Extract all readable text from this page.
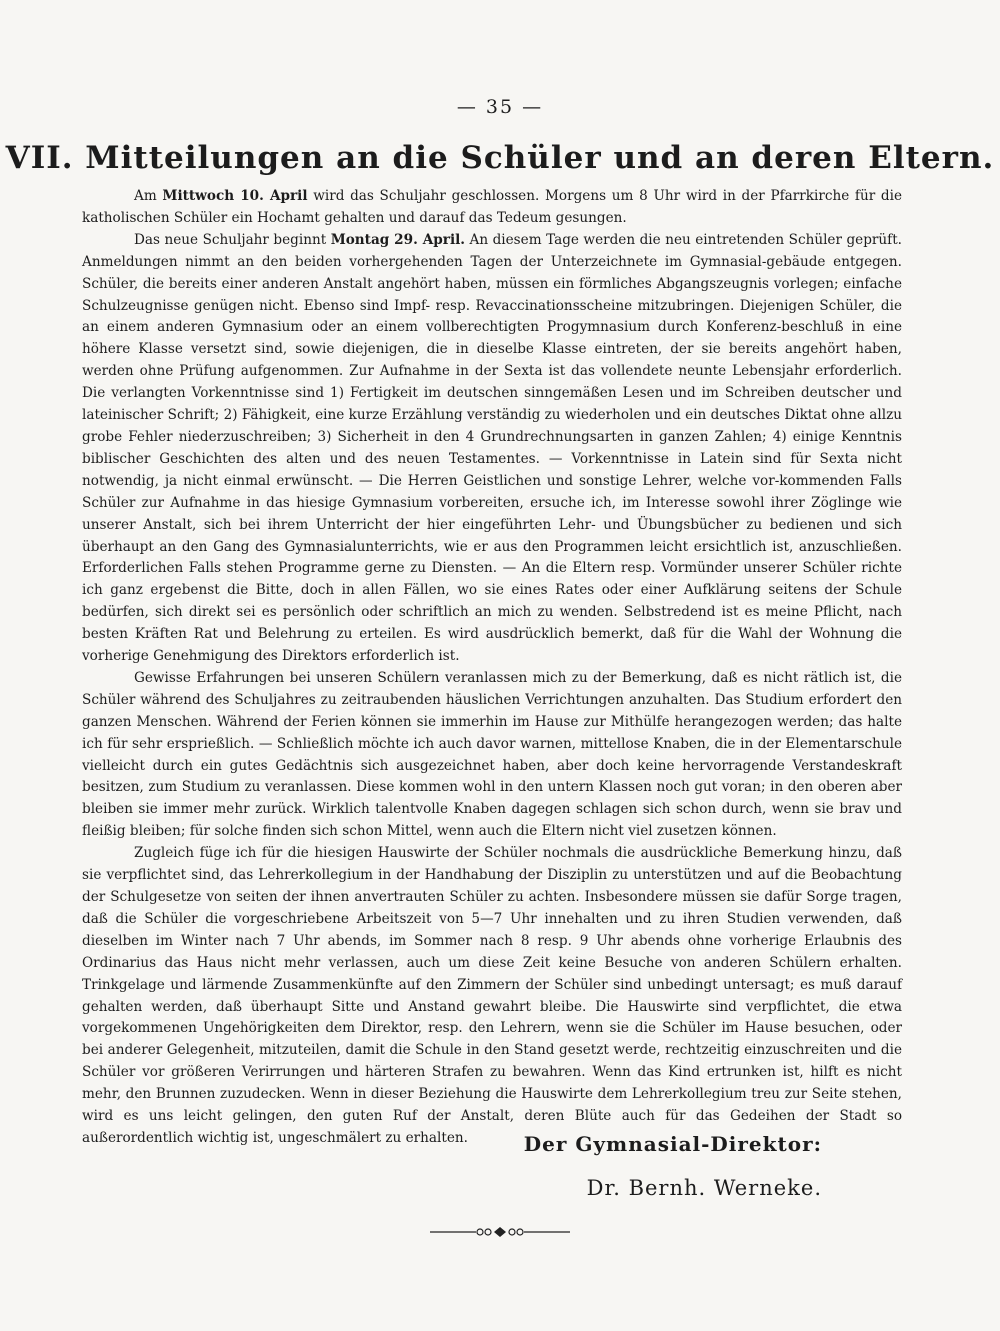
— 35 —
VII. Mitteilungen an die Schüler und an deren Eltern.

Am Mittwoch 10. April wird das Schuljahr geschlossen. Morgens um 8 Uhr wird in der Pfarrkirche für die katholischen Schüler ein Hochamt gehalten und darauf das Tedeum gesungen.

Das neue Schuljahr beginnt Montag 29. April. An diesem Tage werden die neu eintretenden Schüler geprüft. Anmeldungen nimmt an den beiden vorhergehenden Tagen der Unterzeichnete im Gymnasial-gebäude entgegen. Schüler, die bereits einer anderen Anstalt angehört haben, müssen ein förmliches Abgangszeugnis vorlegen; einfache Schulzeugnisse genügen nicht. Ebenso sind Impf- resp. Revaccinationsscheine mitzubringen. Diejenigen Schüler, die an einem anderen Gymnasium oder an einem vollberechtigten Progymnasium durch Konferenz-beschluß in eine höhere Klasse versetzt sind, sowie diejenigen, die in dieselbe Klasse eintreten, der sie bereits angehört haben, werden ohne Prüfung aufgenommen. Zur Aufnahme in der Sexta ist das vollendete neunte Lebensjahr erforderlich. Die verlangten Vorkenntnisse sind 1) Fertigkeit im deutschen sinngemäßen Lesen und im Schreiben deutscher und lateinischer Schrift; 2) Fähigkeit, eine kurze Erzählung verständig zu wiederholen und ein deutsches Diktat ohne allzu grobe Fehler niederzuschreiben; 3) Sicherheit in den 4 Grundrechnungsarten in ganzen Zahlen; 4) einige Kenntnis biblischer Geschichten des alten und des neuen Testamentes. — Vorkenntnisse in Latein sind für Sexta nicht notwendig, ja nicht einmal erwünscht. — Die Herren Geistlichen und sonstige Lehrer, welche vor-kommenden Falls Schüler zur Aufnahme in das hiesige Gymnasium vorbereiten, ersuche ich, im Interesse sowohl ihrer Zöglinge wie unserer Anstalt, sich bei ihrem Unterricht der hier eingeführten Lehr- und Übungsbücher zu bedienen und sich überhaupt an den Gang des Gymnasialunterrichts, wie er aus den Programmen leicht ersichtlich ist, anzuschließen. Erforderlichen Falls stehen Programme gerne zu Diensten. — An die Eltern resp. Vormünder unserer Schüler richte ich ganz ergebenst die Bitte, doch in allen Fällen, wo sie eines Rates oder einer Aufklärung seitens der Schule bedürfen, sich direkt sei es persönlich oder schriftlich an mich zu wenden. Selbstredend ist es meine Pflicht, nach besten Kräften Rat und Belehrung zu erteilen. Es wird ausdrücklich bemerkt, daß für die Wahl der Wohnung die vorherige Genehmigung des Direktors erforderlich ist.

Gewisse Erfahrungen bei unseren Schülern veranlassen mich zu der Bemerkung, daß es nicht rätlich ist, die Schüler während des Schuljahres zu zeitraubenden häuslichen Verrichtungen anzuhalten. Das Studium erfordert den ganzen Menschen. Während der Ferien können sie immerhin im Hause zur Mithülfe herangezogen werden; das halte ich für sehr ersprießlich. — Schließlich möchte ich auch davor warnen, mittellose Knaben, die in der Elementarschule vielleicht durch ein gutes Gedächtnis sich ausgezeichnet haben, aber doch keine hervorragende Verstandeskraft besitzen, zum Studium zu veranlassen. Diese kommen wohl in den untern Klassen noch gut voran; in den oberen aber bleiben sie immer mehr zurück. Wirklich talentvolle Knaben dagegen schlagen sich schon durch, wenn sie brav und fleißig bleiben; für solche finden sich schon Mittel, wenn auch die Eltern nicht viel zusetzen können.

Zugleich füge ich für die hiesigen Hauswirte der Schüler nochmals die ausdrückliche Bemerkung hinzu, daß sie verpflichtet sind, das Lehrerkollegium in der Handhabung der Disziplin zu unterstützen und auf die Beobachtung der Schulgesetze von seiten der ihnen anvertrauten Schüler zu achten. Insbesondere müssen sie dafür Sorge tragen, daß die Schüler die vorgeschriebene Arbeitszeit von 5—7 Uhr innehalten und zu ihren Studien verwenden, daß dieselben im Winter nach 7 Uhr abends, im Sommer nach 8 resp. 9 Uhr abends ohne vorherige Erlaubnis des Ordinarius das Haus nicht mehr verlassen, auch um diese Zeit keine Besuche von anderen Schülern erhalten. Trinkgelage und lärmende Zusammenkünfte auf den Zimmern der Schüler sind unbedingt untersagt; es muß darauf gehalten werden, daß überhaupt Sitte und Anstand gewahrt bleibe. Die Hauswirte sind verpflichtet, die etwa vorgekommenen Ungehörigkeiten dem Direktor, resp. den Lehrern, wenn sie die Schüler im Hause besuchen, oder bei anderer Gelegenheit, mitzuteilen, damit die Schule in den Stand gesetzt werde, rechtzeitig einzuschreiten und die Schüler vor größeren Verirrungen und härteren Strafen zu bewahren. Wenn das Kind ertrunken ist, hilft es nicht mehr, den Brunnen zuzudecken. Wenn in dieser Beziehung die Hauswirte dem Lehrerkollegium treu zur Seite stehen, wird es uns leicht gelingen, den guten Ruf der Anstalt, deren Blüte auch für das Gedeihen der Stadt so außerordentlich wichtig ist, ungeschmälert zu erhalten.	Der Gymnasial-Direktor:
Dr. Bernh. Werneke.
